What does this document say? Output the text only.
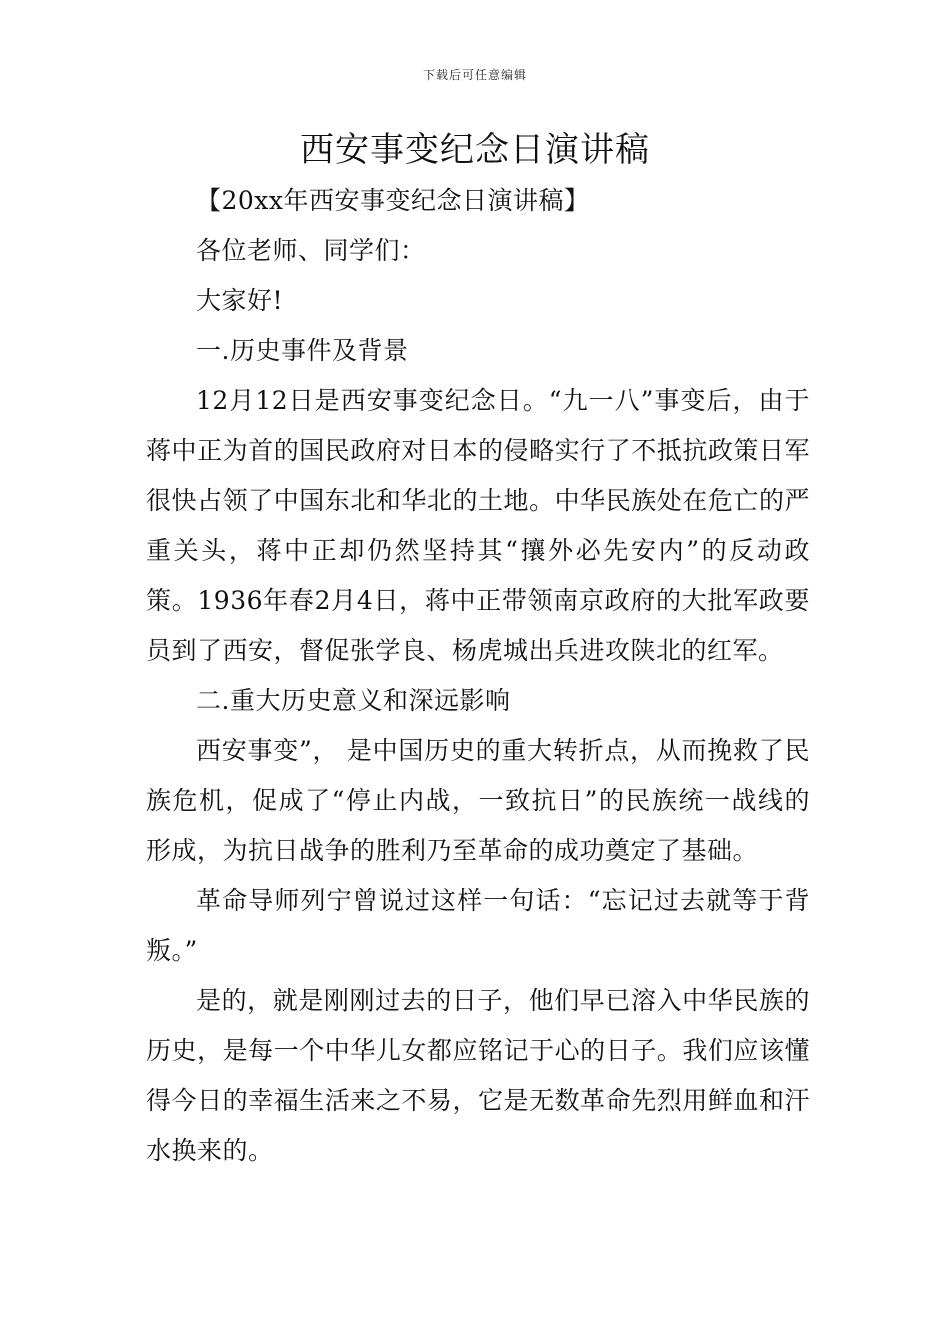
下载后可任意编辑
西安事变纪念日演讲稿

【20xx年西安事变纪念日演讲稿】

各位老师、同学们：

大家好!

一.历史事件及背景

12月12日是西安事变纪念日。“九一八”事变后，由于蒋中正为首的国民政府对日本的侵略实行了不抵抗政策日军很快占领了中国东北和华北的土地。中华民族处在危亡的严重关头，蒋中正却仍然坚持其“攘外必先安内”的反动政策。1936年春2月4日，蒋中正带领南京政府的大批军政要员到了西安，督促张学良、杨虎城出兵进攻陕北的红军。

二.重大历史意义和深远影响

西安事变”， 是中国历史的重大转折点，从而挽救了民族危机，促成了“停止内战，一致抗日”的民族统一战线的形成，为抗日战争的胜利乃至革命的成功奠定了基础。

革命导师列宁曾说过这样一句话：“忘记过去就等于背叛。”

是的，就是刚刚过去的日子，他们早已溶入中华民族的历史，是每一个中华儿女都应铭记于心的日子。我们应该懂得今日的幸福生活来之不易，它是无数革命先烈用鲜血和汗水换来的。
